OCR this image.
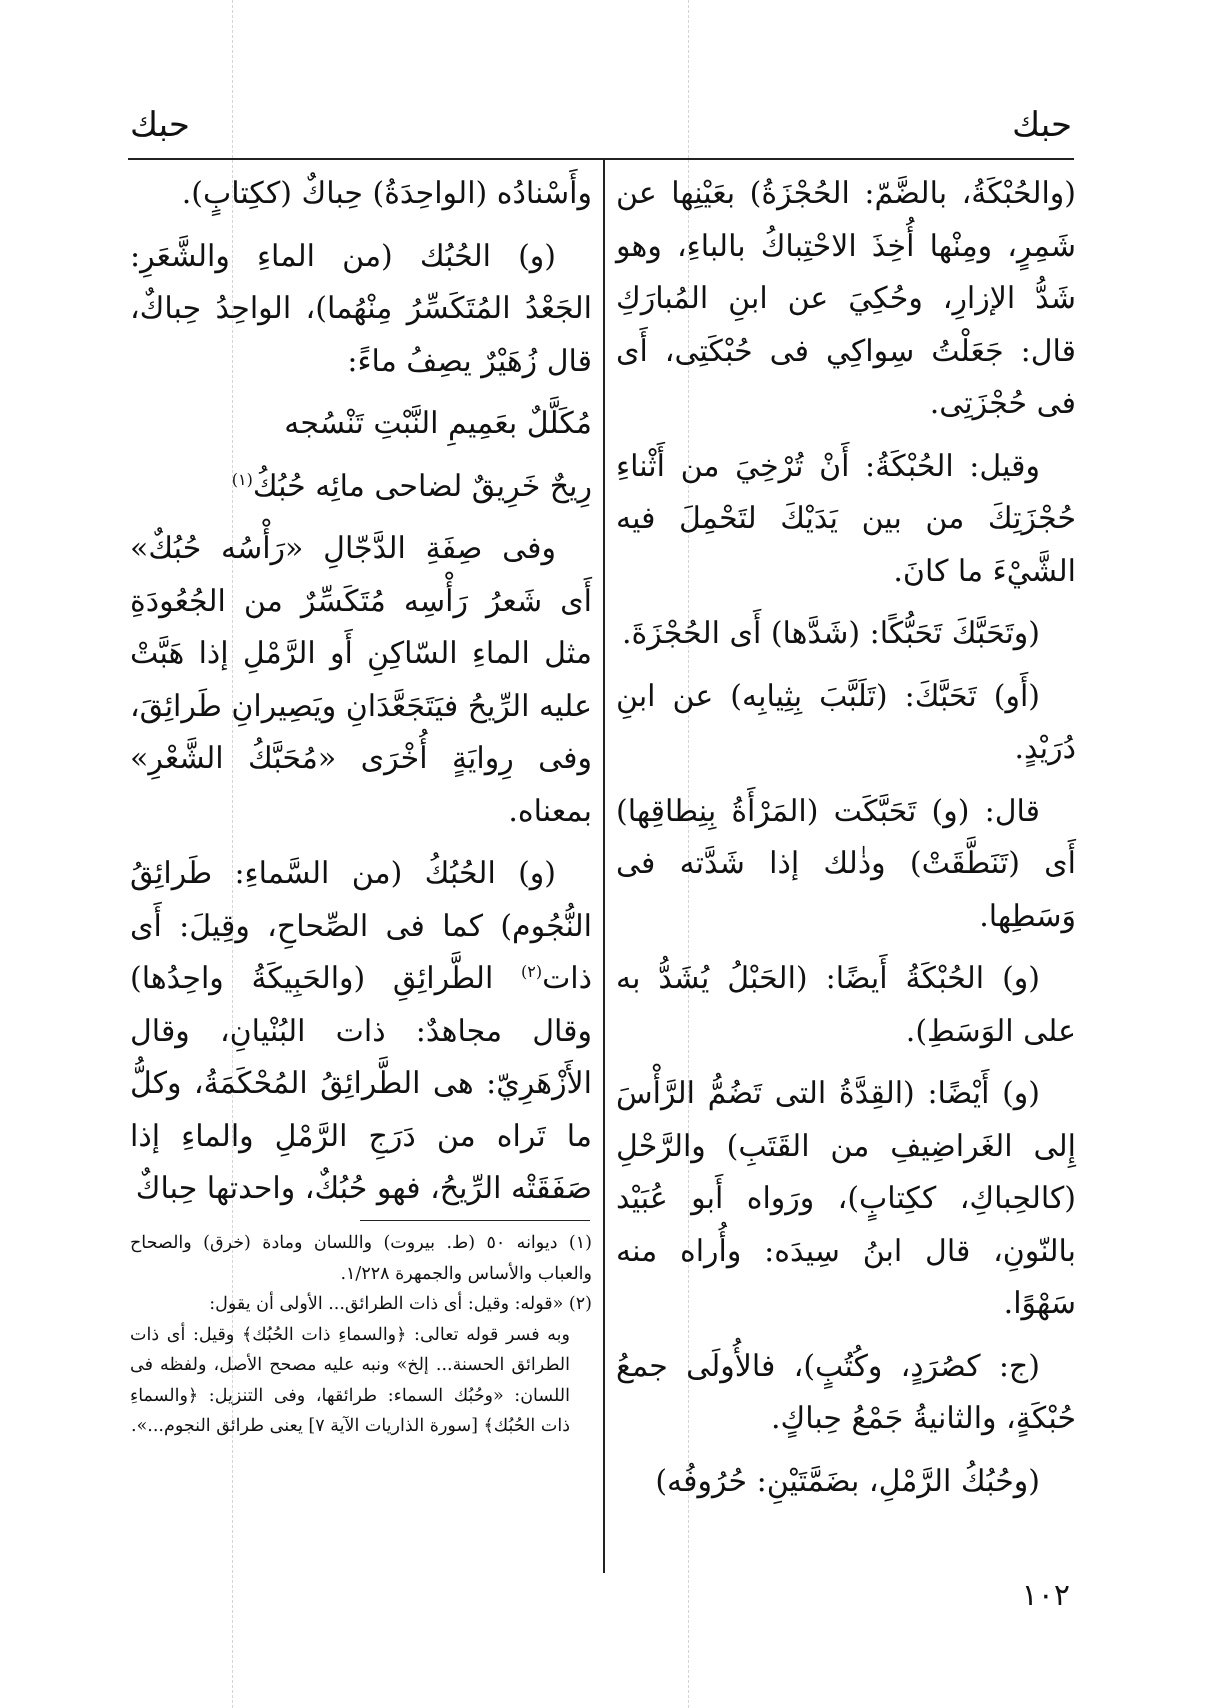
حبك
حبك

(والحُبْكَةُ، بالضَّمّ: الحُجْزَةُ) بعَيْنِها عن شَمِرٍ، ومِنْها أُخِذَ الاحْتِباكُ بالباءِ، وهو شَدُّ الإزارِ، وحُكِيَ عن ابنِ المُبارَكِ قال: جَعَلْتُ سِواكِي فى حُبْكَتِى، أَى فى حُجْزَتِى.

وقيل: الحُبْكَةُ: أَنْ تُرْخِيَ من أَثْناءِ حُجْزَتِكَ من بين يَدَيْكَ لتَحْمِلَ فيه الشَّيْءَ ما كانَ.

(وتَحَبَّكَ تَحَبُّكًا: (شَدَّها) أَى الحُجْزَةَ.

(أَو) تَحَبَّكَ: (تَلَبَّبَ بِثِيابِه) عن ابنِ دُرَيْدٍ.

قال: (و) تَحَبَّكَت (المَرْأَةُ بِنِطاقِها) أَى (تَنَطَّقَتْ) وذٰلك إذا شَدَّته فى وَسَطِها.

(و) الحُبْكَةُ أَيضًا: (الحَبْلُ يُشَدُّ به على الوَسَطِ).

(و) أَيْضًا: (القِدَّةُ التى تَضُمُّ الرَّأْسَ إِلى الغَراضِيفِ من القَتَبِ) والرَّحْلِ (كالحِباكِ، ككِتابٍ)، ورَواه أَبو عُبَيْد بالنّونِ، قال ابنُ سِيدَه: وأُراه منه سَهْوًا.

(ج: كصُرَدٍ، وكُتُبٍ)، فالأُولَى جمعُ حُبْكَةٍ، والثانيةُ جَمْعُ حِباكٍ.

(وحُبُكُ الرَّمْلِ، بضَمَّتَيْنِ: حُرُوفُه)

وأَسْنادُه (الواحِدَةُ) حِباكٌ (ككِتابٍ).

(و) الحُبُك (من الماءِ والشَّعَرِ: الجَعْدُ المُتَكَسِّرُ مِنْهُما)، الواحِدُ حِباكٌ، قال زُهَيْرٌ يصِفُ ماءً:

مُكَلَّلٌ بعَمِيمِ النَّبْتِ تَنْسُجه

رِيحٌ خَرِيقٌ لضاحى مائِه حُبُكُ$^{(١)}$

وفى صِفَةِ الدَّجّالِ «رَأْسُه حُبُكٌ» أَى شَعرُ رَأْسِه مُتَكَسِّرٌ من الجُعُودَةِ مثل الماءِ السّاكِنِ أَو الرَّمْلِ إذا هَبَّتْ عليه الرِّيحُ فيَتَجَعَّدَانِ ويَصِيرانِ طَرائِقَ، وفى رِوايَةٍ أُخْرَى «مُحَبَّكُ الشَّعْرِ» بمعناه.

(و) الحُبُكُ (من السَّماءِ: طَرائِقُ النُّجُوم) كما فى الصِّحاحِ، وقِيلَ: أَى ذات$^{(٢)}$ الطَّرائِقِ (والحَبِيكَةُ واحِدُها) وقال مجاهدٌ: ذات البُنْيانِ، وقال الأَزْهَرِيّ: هى الطَّرائِقُ المُحْكَمَةُ، وكلُّ ما تَراه من دَرَجِ الرَّمْلِ والماءِ إذا صَفَقَتْه الرِّيحُ، فهو حُبُكٌ، واحدتها حِباكٌ

(١) ديوانه ٥٠ (ط. بيروت) واللسان ومادة (خرق) والصحاح والعباب والأساس والجمهرة ١/٢٢٨.

(٢) «قوله: وقيل: أى ذات الطرائق... الأولى أن يقول:

وبه فسر قوله تعالى: ﴿والسماءِ ذات الحُبُك﴾ وقيل: أى ذات الطرائق الحسنة... إلخ» ونبه عليه مصحح الأصل، ولفظه فى اللسان: «وحُبُك السماء: طرائقها، وفى التنزيل: ﴿والسماءِ ذات الحُبُك﴾ [سورة الذاريات الآية ٧] يعنى طرائق النجوم...».

١٠٢
